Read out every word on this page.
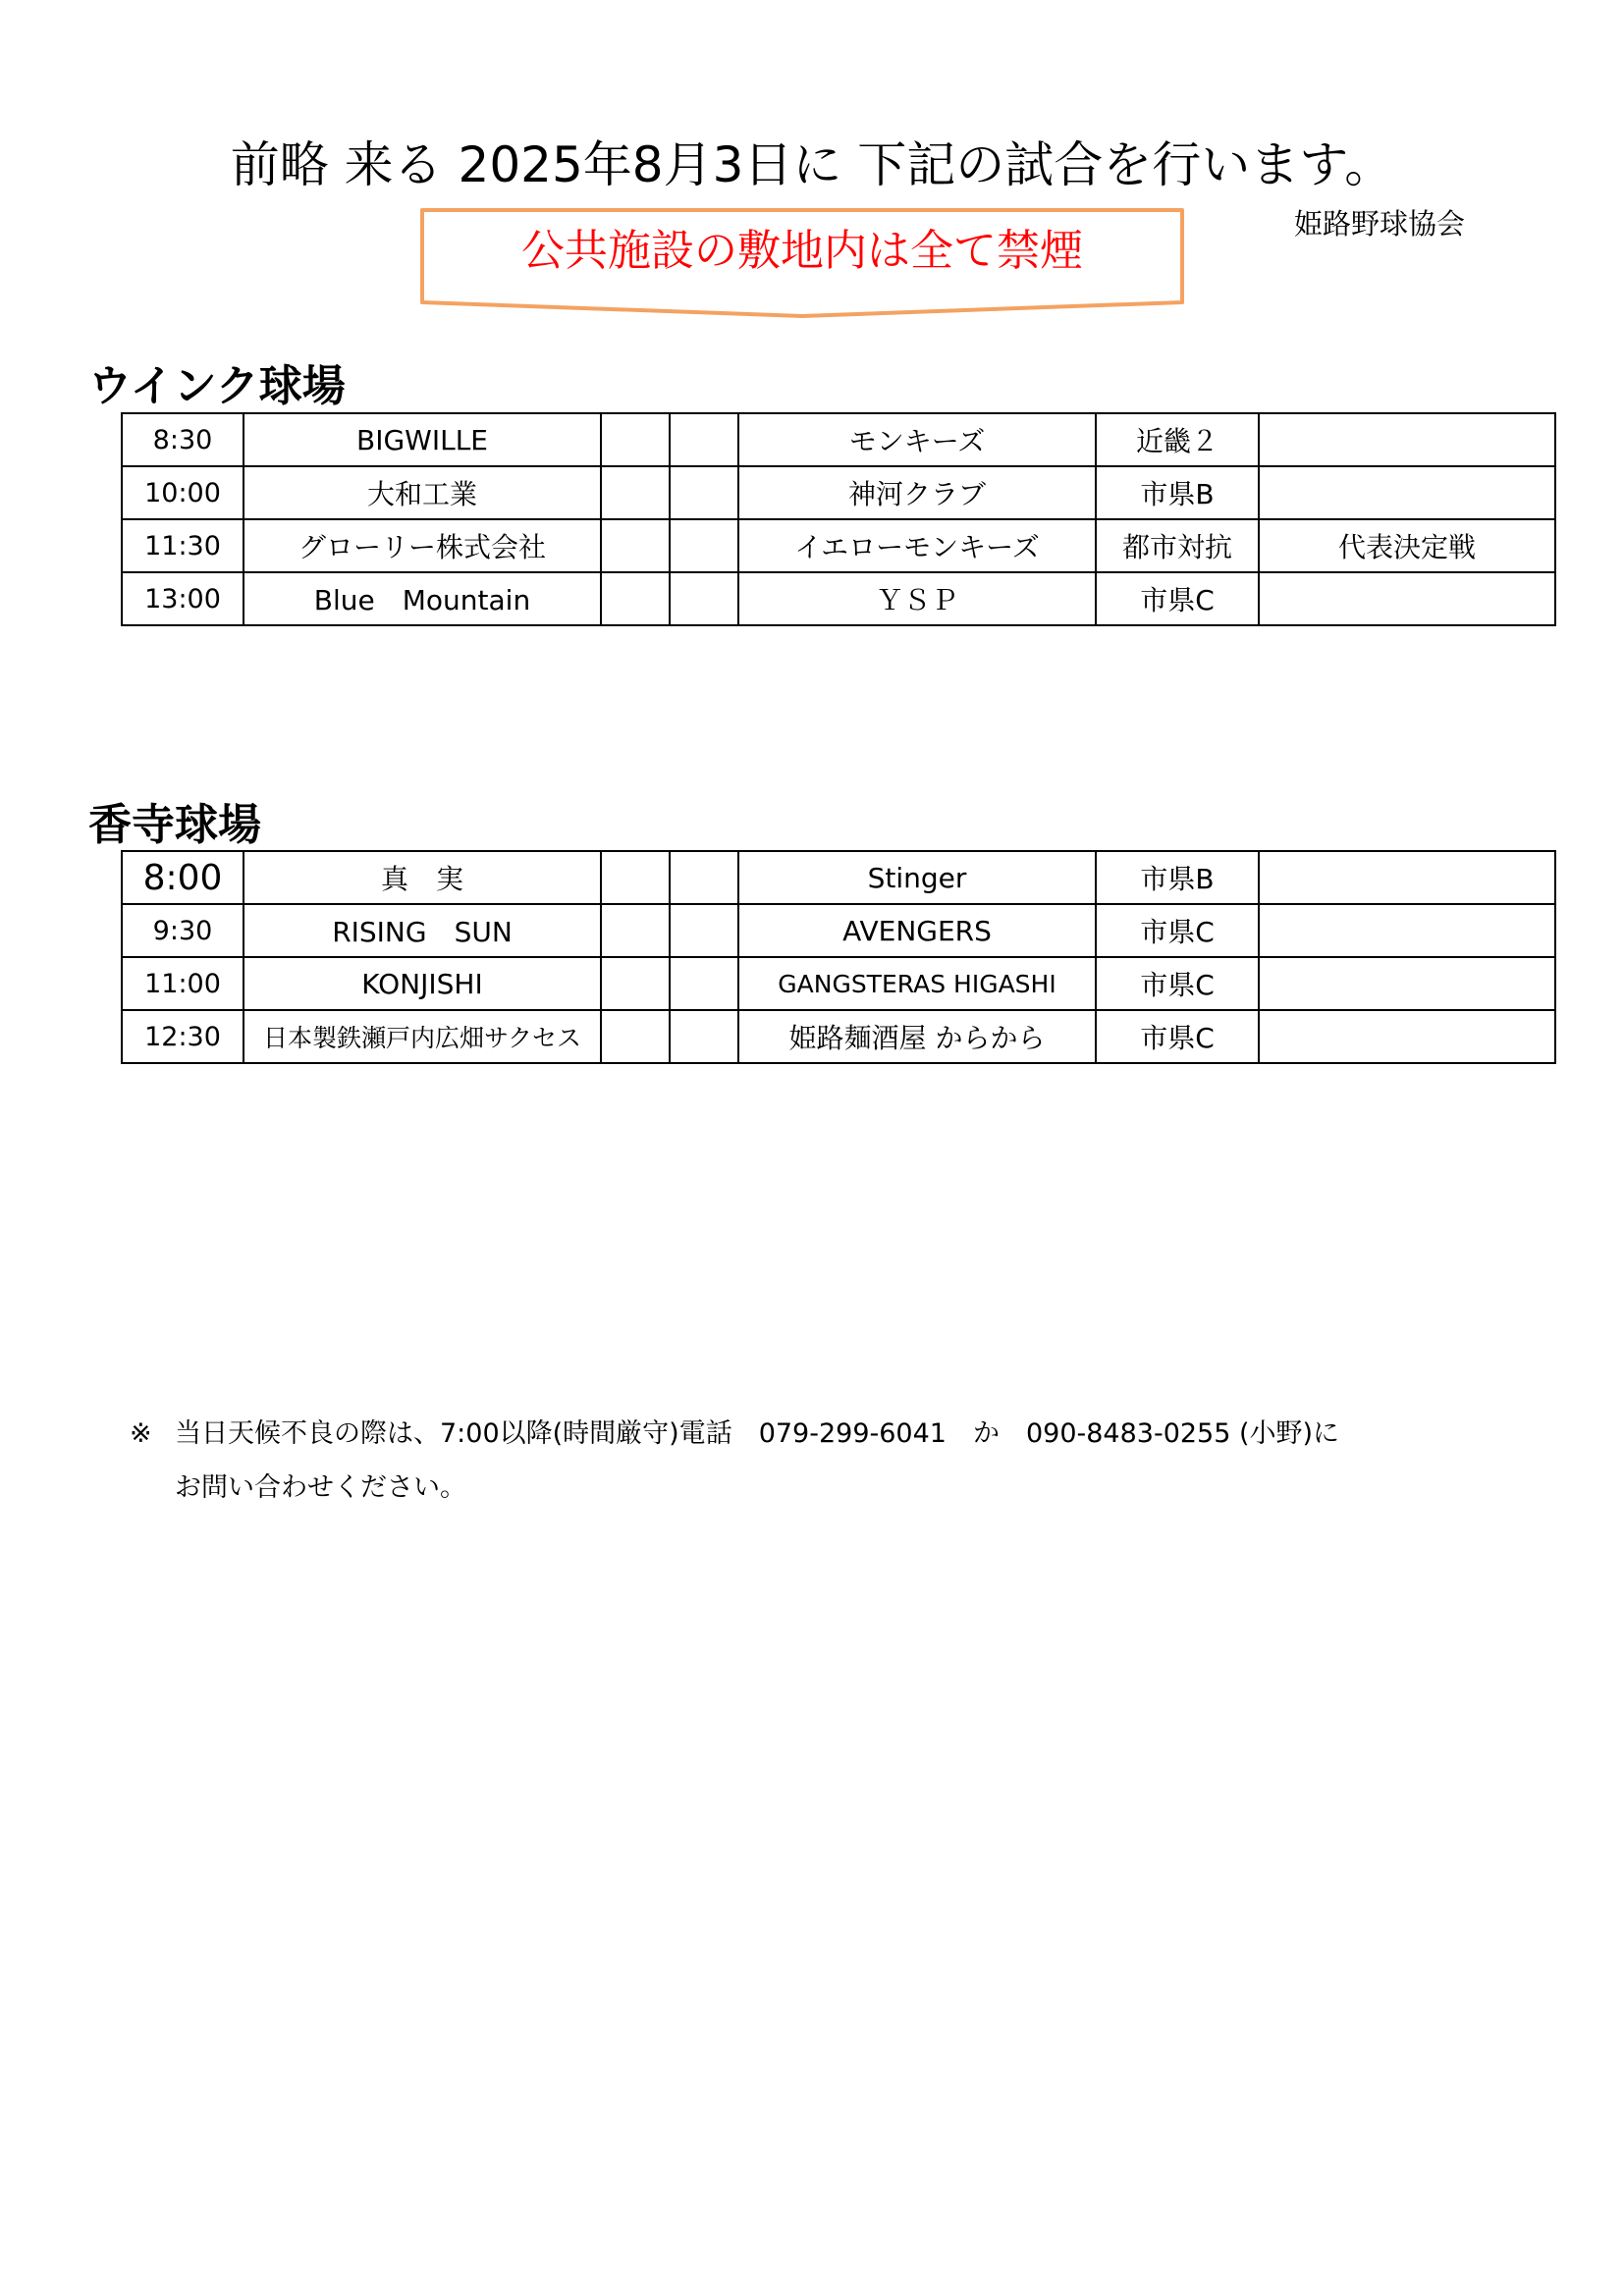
前略 来る 2025年8月3日に 下記の試合を行います。
姫路野球協会
公共施設の敷地内は全て禁煙
ウインク球場
8:30	BIGWILLE			モンキーズ	近畿２	
10:00	大和工業			神河クラブ	市県B	
11:30	グローリー株式会社			イエローモンキーズ	都市対抗	代表決定戦
13:00	Blue　Mountain			ＹＳＰ	市県C	
香寺球場
8:00	真　実			Stinger	市県B	
9:30	RISING　SUN			AVENGERS	市県C	
11:00	KONJISHI			GANGSTERAS HIGASHI	市県C	
12:30	日本製鉄瀬戸内広畑サクセス			姫路麺酒屋 からから	市県C	
※ 当日天候不良の際は、7:00以降(時間厳守)電話　079-299-6041　か　090-8483-0255 (小野)に
お問い合わせください。
